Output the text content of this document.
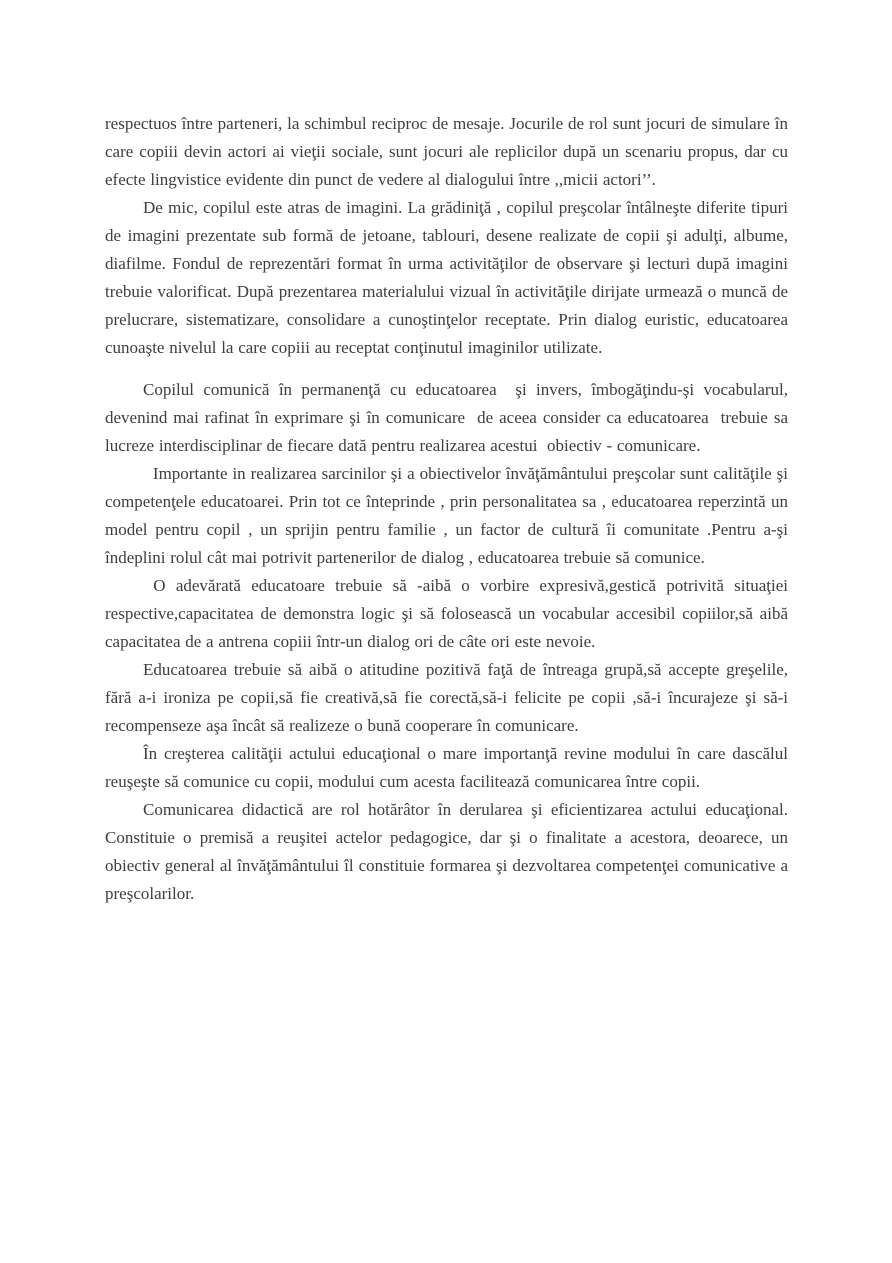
respectuos între parteneri, la schimbul reciproc de mesaje. Jocurile de rol sunt jocuri de simulare în care copiii devin actori ai vieţii sociale, sunt jocuri ale replicilor după un scenariu propus, dar cu efecte lingvistice evidente din punct de vedere al dialogului între ,,micii actori’’.

De mic, copilul este atras de imagini. La grădiniţă , copilul preşcolar întâlneşte diferite tipuri de imagini prezentate sub formă de jetoane, tablouri, desene realizate de copii şi adulţi, albume, diafilme. Fondul de reprezentări format în urma activităţilor de observare şi lecturi după imagini trebuie valorificat. După prezentarea materialului vizual în activităţile dirijate urmează o muncă de prelucrare, sistematizare, consolidare a cunoştinţelor receptate. Prin dialog euristic, educatoarea cunoaşte nivelul la care copiii au receptat conţinutul imaginilor utilizate.

Copilul comunică în permanenţă cu educatoarea  şi invers, îmbogăţindu-şi vocabularul, devenind mai rafinat în exprimare şi în comunicare  de aceea consider ca educatoarea  trebuie sa lucreze interdisciplinar de fiecare dată pentru realizarea acestui  obiectiv - comunicare.

Importante in realizarea sarcinilor şi a obiectivelor învăţământului preşcolar sunt calităţile şi competenţele educatoarei. Prin tot ce înteprinde , prin personalitatea sa , educatoarea reperzintă un model pentru copil , un sprijin pentru familie , un factor de cultură îi comunitate .Pentru a-şi îndeplini rolul cât mai potrivit partenerilor de dialog , educatoarea trebuie să comunice.

O adevărată educatoare trebuie să -aibă o vorbire expresivă,gestică potrivită situaţiei respective,capacitatea de demonstra logic şi să folosească un vocabular accesibil copiilor,să aibă capacitatea de a antrena copiii într-un dialog ori de câte ori este nevoie.

Educatoarea trebuie să aibă o atitudine pozitivă faţă de întreaga grupă,să accepte greşelile, fără a-i ironiza pe copii,să fie creativă,să fie corectă,să-i felicite pe copii ,să-i încurajeze şi să-i recompenseze aşa încât să realizeze o bună cooperare în comunicare.

În creşterea calităţii actului educaţional o mare importanţă revine modului în care dascălul reuşeşte să comunice cu copii, modului cum acesta facilitează comunicarea între copii.

Comunicarea didactică are rol hotărâtor în derularea şi eficientizarea actului educaţional. Constituie o premisă a reuşitei actelor pedagogice, dar şi o finalitate a acestora, deoarece, un obiectiv general al învăţământului îl constituie formarea şi dezvoltarea competenţei comunicative a preşcolarilor.
